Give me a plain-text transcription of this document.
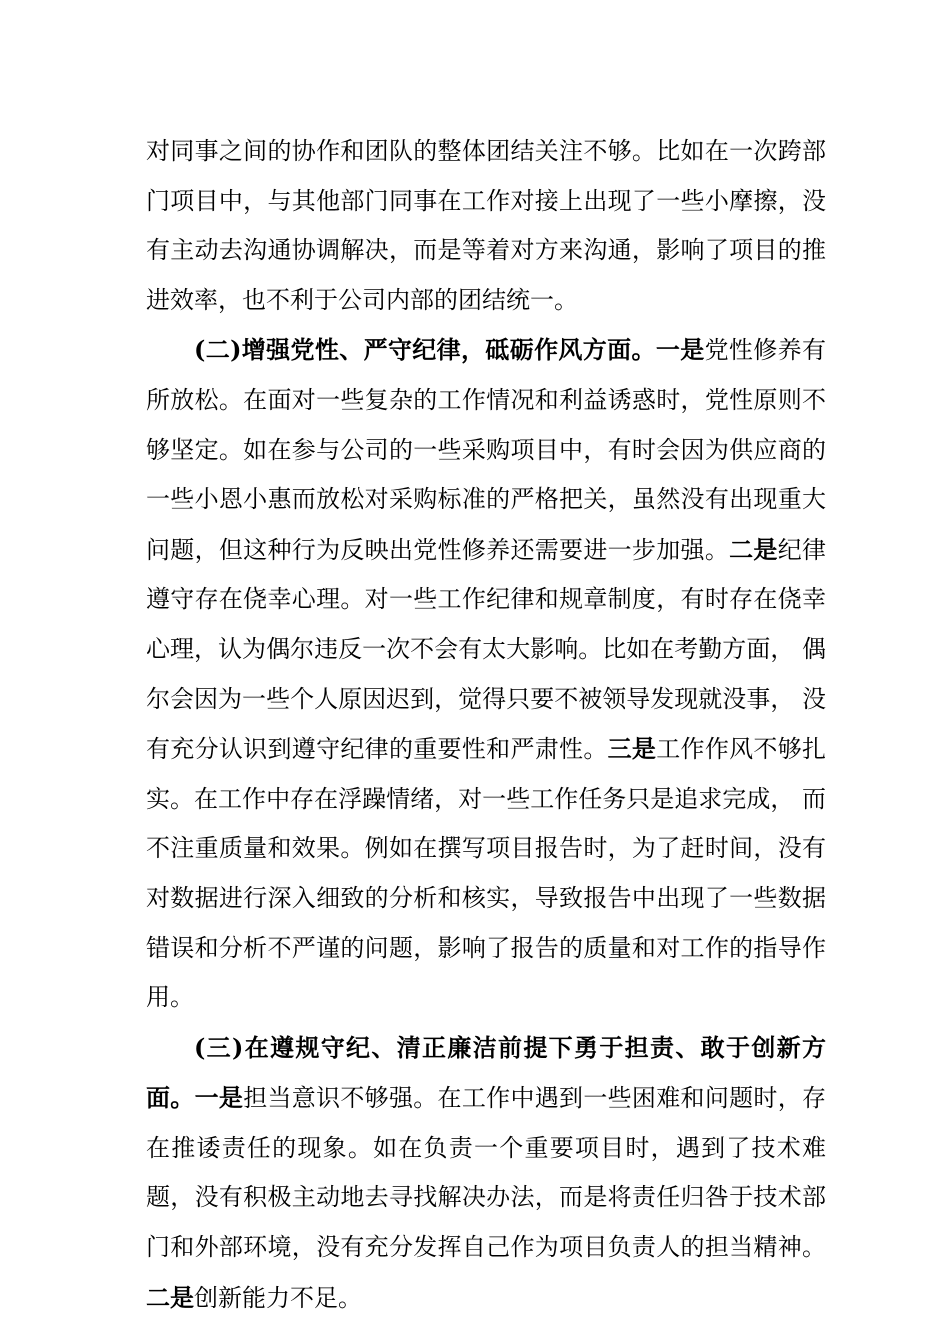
对同事之间的协作和团队的整体团结关注不够。比如在一次跨部门项目中，与其他部门同事在工作对接上出现了一些小摩擦，没有主动去沟通协调解决，而是等着对方来沟通，影响了项目的推进效率，也不利于公司内部的团结统一。

(二)增强党性、严守纪律，砥砺作风方面。一是党性修养有所放松。在面对一些复杂的工作情况和利益诱惑时，党性原则不够坚定。如在参与公司的一些采购项目中，有时会因为供应商的一些小恩小惠而放松对采购标准的严格把关，虽然没有出现重大问题，但这种行为反映出党性修养还需要进一步加强。二是纪律遵守存在侥幸心理。对一些工作纪律和规章制度，有时存在侥幸心理，认为偶尔违反一次不会有太大影响。比如在考勤方面， 偶尔会因为一些个人原因迟到，觉得只要不被领导发现就没事， 没有充分认识到遵守纪律的重要性和严肃性。三是工作作风不够扎实。在工作中存在浮躁情绪，对一些工作任务只是追求完成， 而不注重质量和效果。例如在撰写项目报告时，为了赶时间，没有对数据进行深入细致的分析和核实，导致报告中出现了一些数据错误和分析不严谨的问题，影响了报告的质量和对工作的指导作用。

(三)在遵规守纪、清正廉洁前提下勇于担责、敢于创新方面。一是担当意识不够强。在工作中遇到一些困难和问题时，存在推诿责任的现象。如在负责一个重要项目时，遇到了技术难题，没有积极主动地去寻找解决办法，而是将责任归咎于技术部门和外部环境，没有充分发挥自己作为项目负责人的担当精神。二是创新能力不足。
